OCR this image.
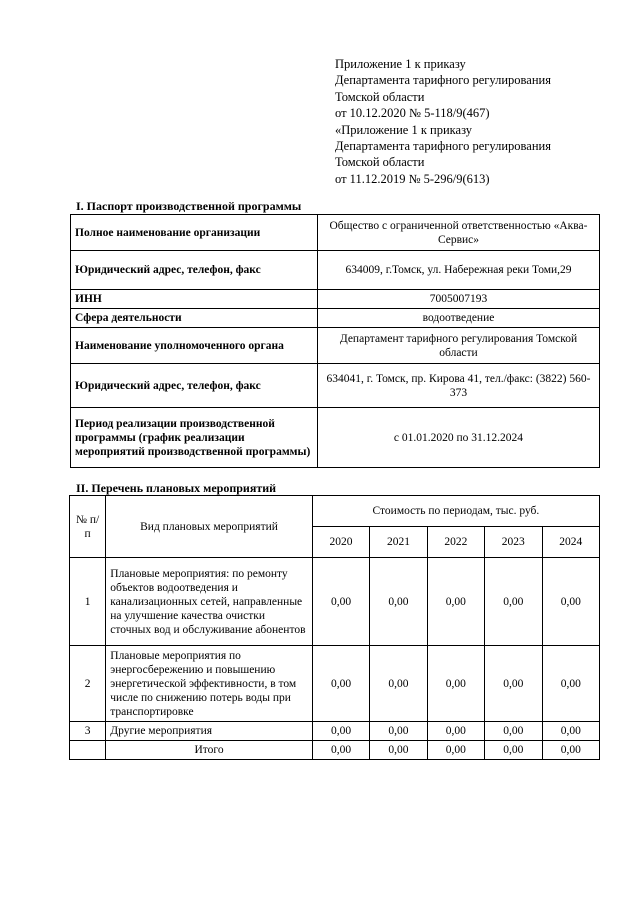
Приложение 1 к приказу
Департамента тарифного регулирования
Томской области
от 10.12.2020 № 5-118/9(467)
«Приложение 1 к приказу
Департамента тарифного регулирования
Томской области
от 11.12.2019 № 5-296/9(613)
I. Паспорт производственной программы
Полное наименование организации	Общество с ограниченной ответственностью «Аква-Сервис»
Юридический адрес, телефон, факс	634009, г.Томск, ул. Набережная реки Томи,29
ИНН	7005007193
Сфера деятельности	водоотведение
Наименование уполномоченного органа	Департамент тарифного регулирования Томской области
Юридический адрес, телефон, факс	634041, г. Томск, пр. Кирова 41, тел./факс: (3822) 560-373
Период реализации производственной программы (график реализации мероприятий производственной программы)	с 01.01.2020 по 31.12.2024
II. Перечень плановых мероприятий
№ п/п	Вид плановых мероприятий	Стоимость по периодам, тыс. руб.				
		2020	2021	2022	2023	2024
1	Плановые мероприятия: по ремонту объектов водоотведения и канализационных сетей, направленные на улучшение качества очистки сточных вод и обслуживание абонентов	0,00	0,00	0,00	0,00	0,00
2	Плановые мероприятия по энергосбережению и повышению энергетической эффективности, в том числе по снижению потерь воды при транспортировке	0,00	0,00	0,00	0,00	0,00
3	Другие мероприятия	0,00	0,00	0,00	0,00	0,00
	Итого	0,00	0,00	0,00	0,00	0,00
